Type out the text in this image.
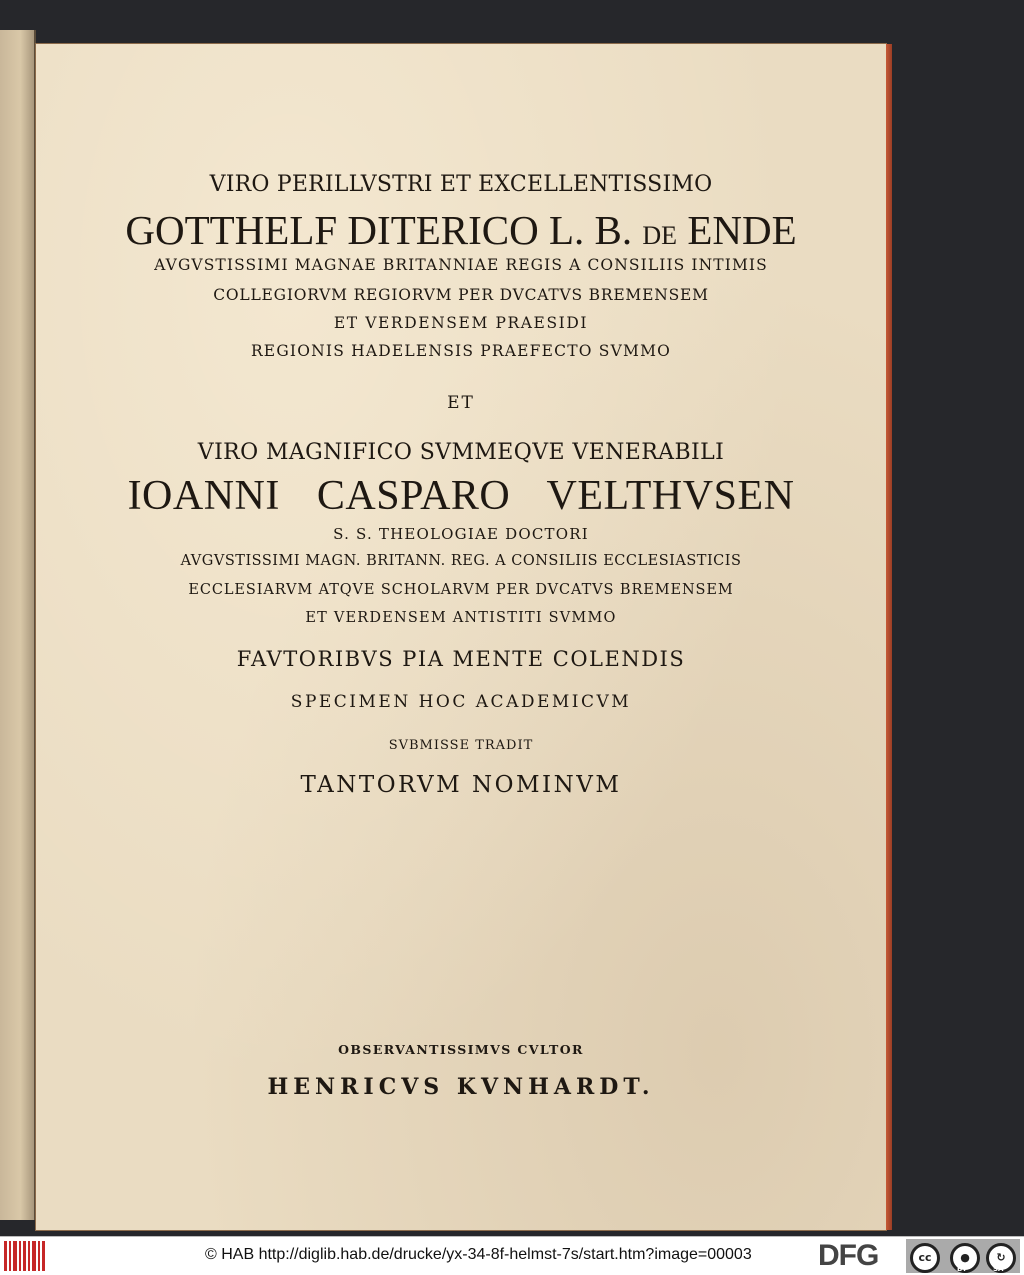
VIRO PERILLVSTRI ET EXCELLENTISSIMO
GOTTHELF DITERICO L. B. DE ENDE
AVGVSTISSIMI MAGNAE BRITANNIAE REGIS A CONSILIIS INTIMIS
COLLEGIORVM REGIORVM PER DVCATVS BREMENSEM
ET VERDENSEM PRAESIDI
REGIONIS HADELENSIS PRAEFECTO SVMMO
ET
VIRO MAGNIFICO SVMMEQVE VENERABILI
IOANNI CASPARO VELTHVSEN
S. S. THEOLOGIAE DOCTORI
AVGVSTISSIMI MAGN. BRITANN. REG. A CONSILIIS ECCLESIASTICIS
ECCLESIARVM ATQVE SCHOLARVM PER DVCATVS BREMENSEM
ET VERDENSEM ANTISTITI SVMMO
FAVTORIBVS PIA MENTE COLENDIS
SPECIMEN HOC ACADEMICVM
SVBMISSE TRADIT
TANTORVM NOMINVM
OBSERVANTISSIMVS CVLTOR
HENRICVS KVNHARDT.
© HAB http://diglib.hab.de/drucke/yx-34-8f-helmst-7s/start.htm?image=00003 DFG	cc	●	↻
BY	SA
